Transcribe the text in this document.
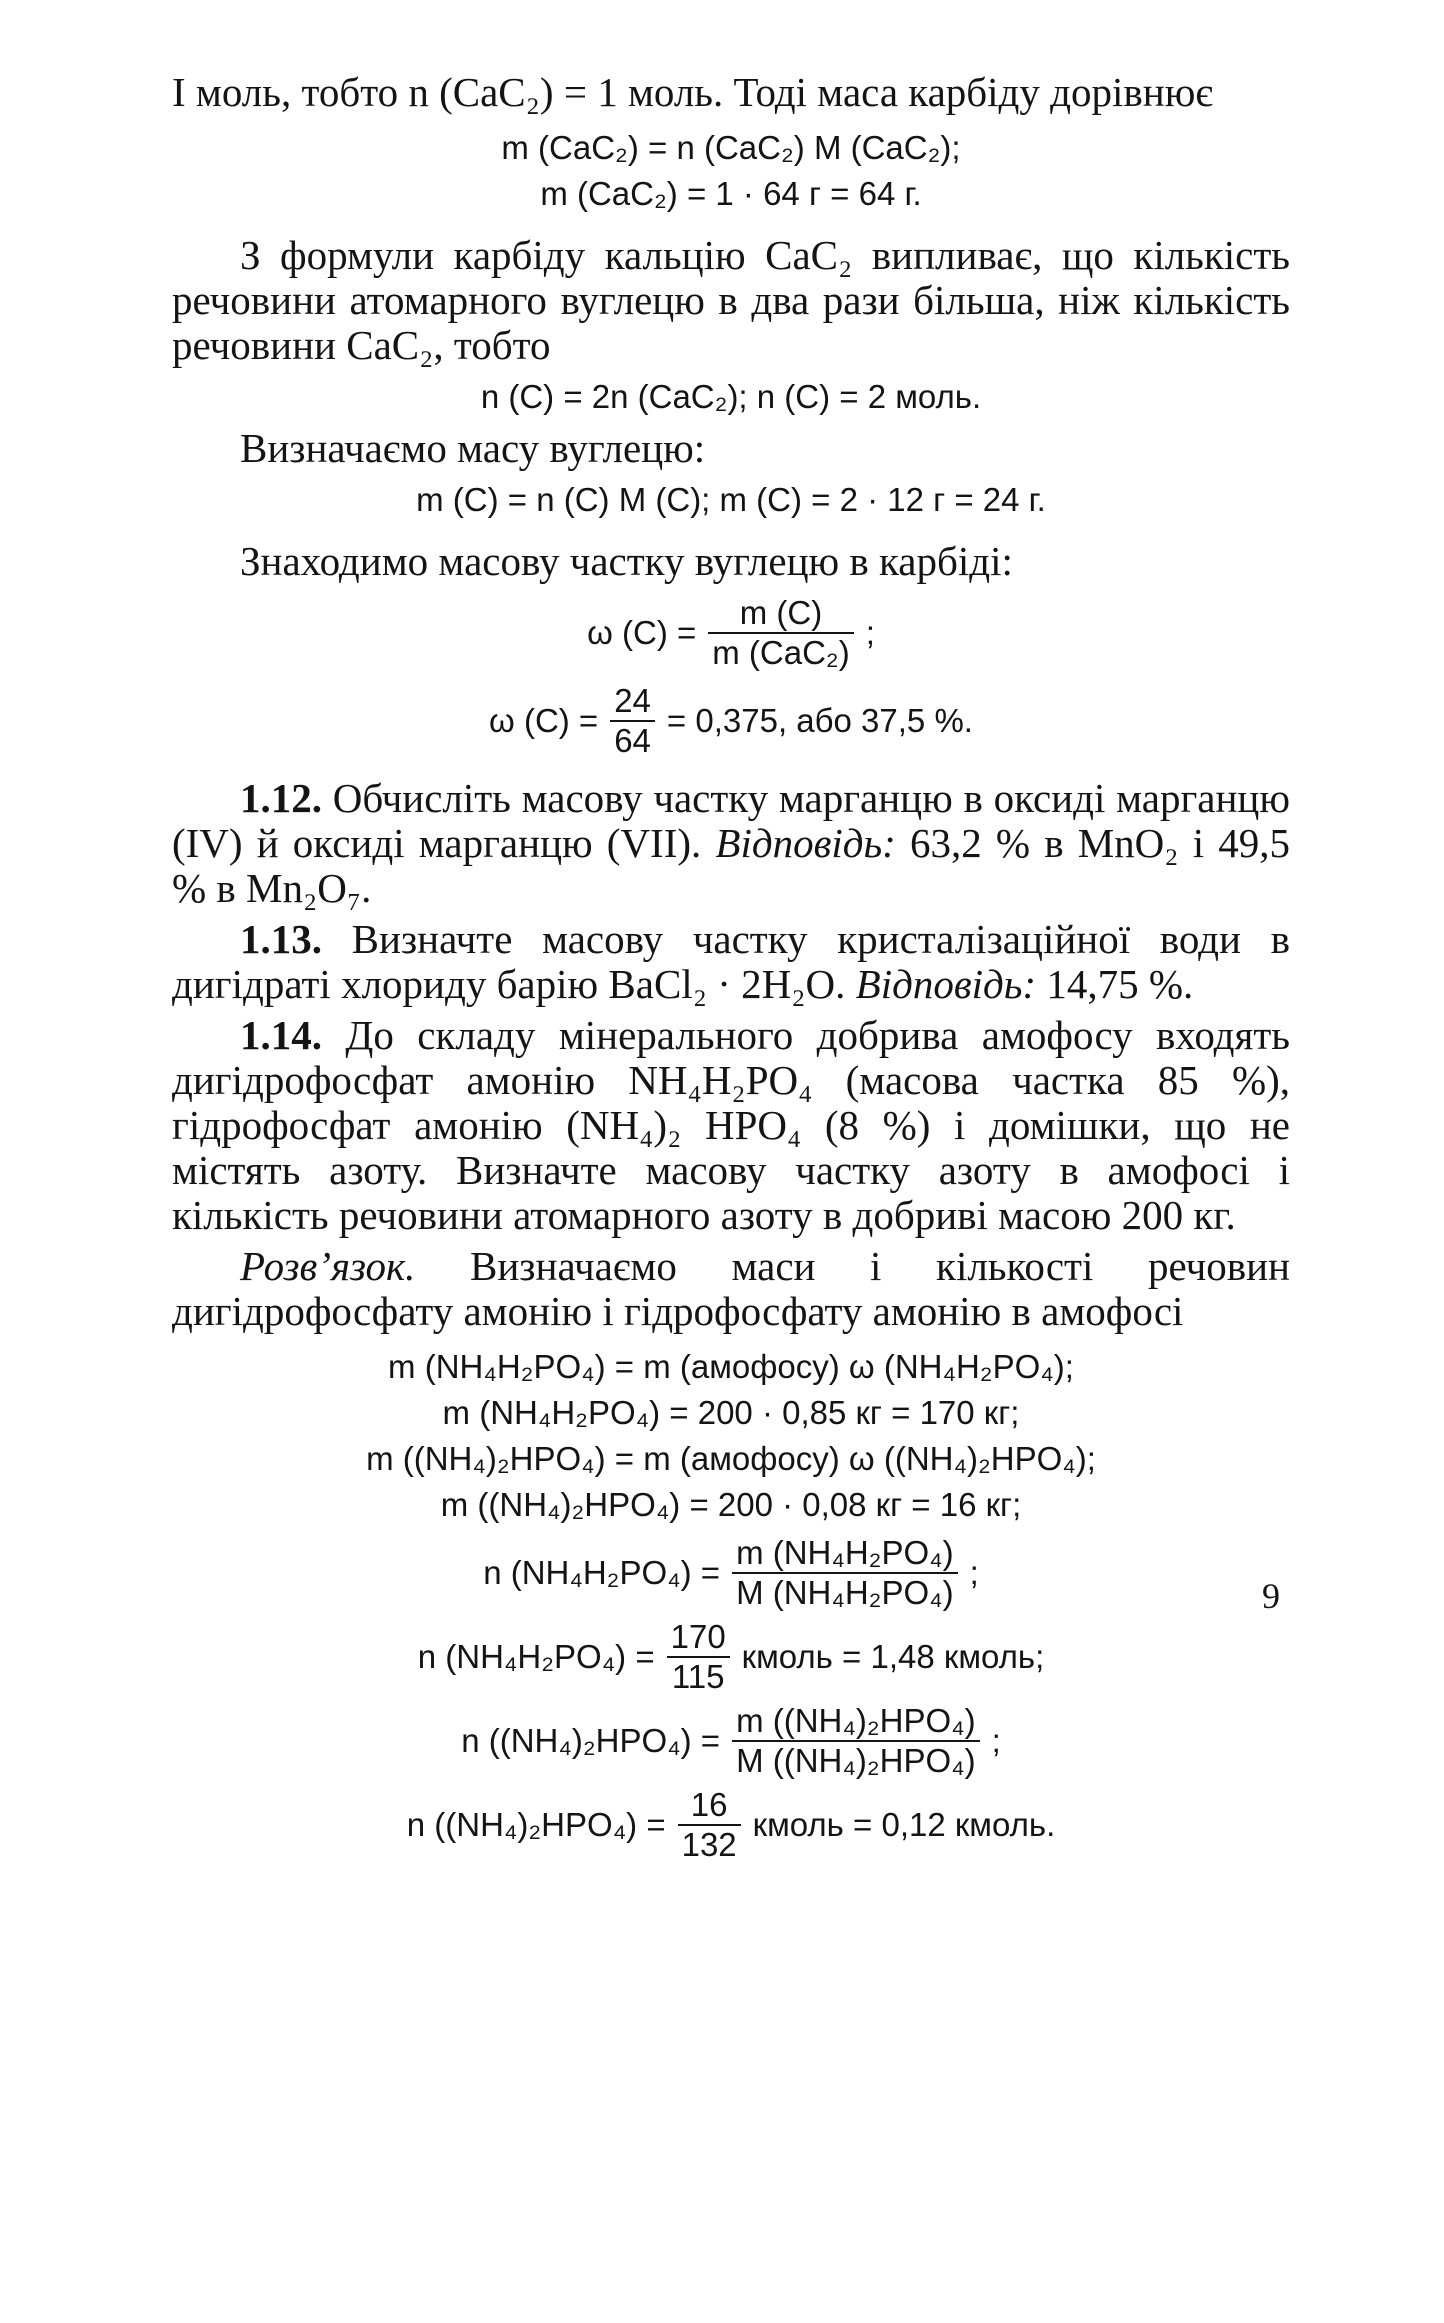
І моль, тобто n (CaC₂) = 1 моль. Тоді маса карбіду дорівнює

m (CaC₂) = n (CaC₂) M (CaC₂);
m (CaC₂) = 1 · 64 г = 64 г.

З формули карбіду кальцію CaC₂ випливає, що кількість речовини атомарного вуглецю в два рази більша, ніж кількість речовини CaC₂, тобто

n (C) = 2n (CaC₂); n (C) = 2 моль.

Визначаємо масу вуглецю:

m (C) = n (C) M (C); m (C) = 2 · 12 г = 24 г.

Знаходимо масову частку вуглецю в карбіді:

ω $(C) = \frac{m (C)}{\text{m (CaC₂)}}$ ;
ω $(C) = \frac{24}{64} = 0,375$, або 37,5 %.

1.12. Обчисліть масову частку марганцю в оксиді марганцю (IV) й оксиді марганцю (VII). Відповідь: 63,2 % в MnO₂ і 49,5 % в Mn₂O₇.

1.13. Визначте масову частку кристалізаційної води в дигідраті хлориду барію BaCl₂ · 2H₂O. Відповідь: 14,75 %.

1.14. До складу мінерального добрива амофосу входять дигідрофосфат амонію NH₄H₂PO₄ (масова частка 85 %), гідрофосфат амонію (NH₄)₂ HPO₄ (8 %) і домішки, що не містять азоту. Визначте масову частку азоту в амофосі і кількість речовини атомарного азоту в добриві масою 200 кг.

Розв’язок. Визначаємо маси і кількості речовин дигідрофосфату амонію і гідрофосфату амонію в амофосі

m (NH₄H₂PO₄) = m (амофосу) ω (NH₄H₂PO₄);
m (NH₄H₂PO₄) = 200 · 0,85 кг = 170 кг;
m ((NH₄)₂HPO₄) = m (амофосу) ω ((NH₄)₂HPO₄);
m ((NH₄)₂HPO₄) = 200 · 0,08 кг = 16 кг;
n $(NH_4H_2PO_4) = \frac{\text{m (NH₄H₂PO₄)}}{\text{M (NH₄H₂PO₄)}}$ ;
n $(NH_4H_2PO_4) = \frac{170}{115}$ кмоль = 1,48 кмоль;
n $((NH_4)_2HPO_4) = \frac{\text{m ((NH₄)₂HPO₄)}}{\text{M ((NH₄)₂HPO₄)}}$ ;
n $((NH_4)_2HPO_4) = \frac{16}{132}$ кмоль = 0,12 кмоль.
9
